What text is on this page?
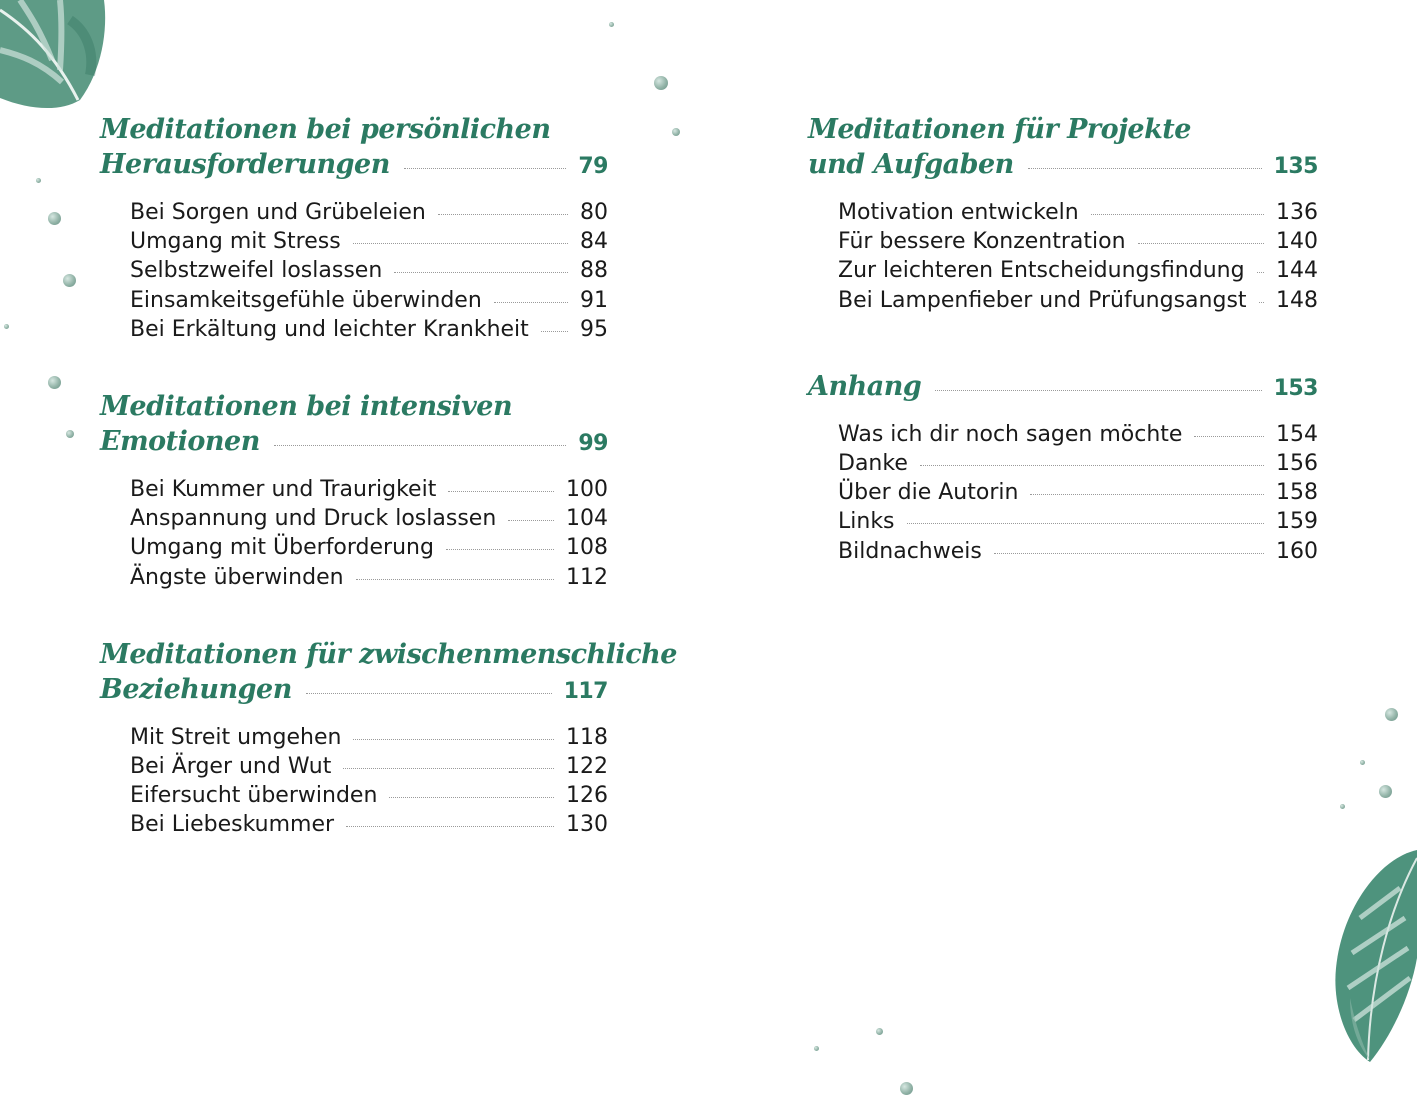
Meditationen bei persönlichen
Herausforderungen	79
Bei Sorgen und Grübeleien	80
Umgang mit Stress	84
Selbstzweifel loslassen	88
Einsamkeitsgefühle überwinden	91
Bei Erkältung und leichter Krankheit 95
Meditationen bei intensiven
Emotionen	99
Bei Kummer und Traurigkeit	100
Anspannung und Druck loslassen	104
Umgang mit Überforderung	108
Ängste überwinden	112
Meditationen für zwischenmenschliche
Beziehungen	117
Mit Streit umgehen	118
Bei Ärger und Wut	122
Eifersucht überwinden	126
Bei Liebeskummer	130
Meditationen für Projekte
und Aufgaben	135
Motivation entwickeln	136
Für bessere Konzentration	140
Zur leichteren Entscheidungsfindung 144
Bei Lampenfieber und Prüfungsangst 148
Anhang	153
Was ich dir noch sagen möchte	154
Danke	156
Über die Autorin	158
Links	159
Bildnachweis	160
